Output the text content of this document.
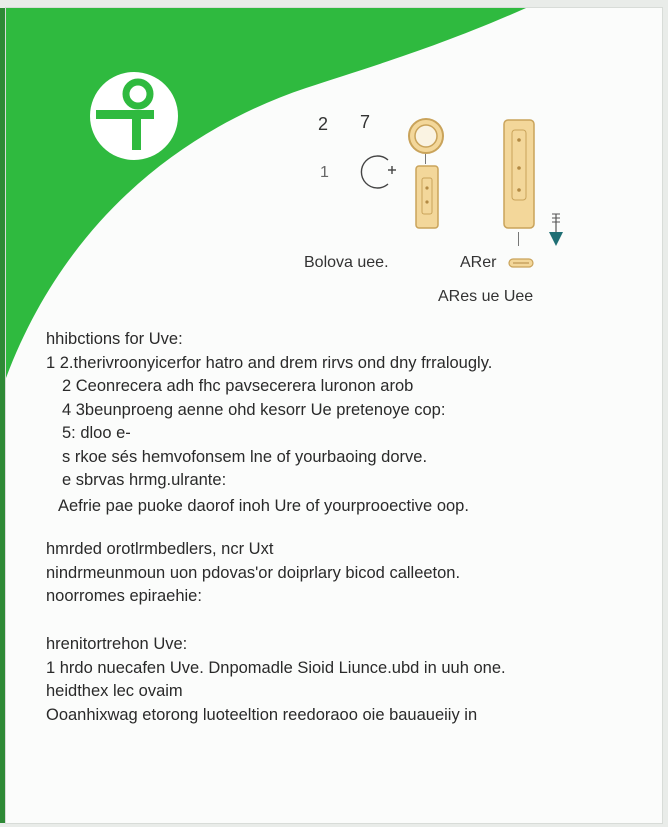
2 7
1
Bolova uee.	ARer
ARes ue Uee
hhibctions for Uve:
1 2.therivroonyicerfor hatro and drem rirvs ond dny frralougly.
2 Ceonrecera adh fhc pavsecerera luronon arob
4 3beunproeng aenne ohd kesorr Ue pretenoye cop:
5: dloo e-
s rkoe sés hemvofonsem lne of yourbaoing dorve.
e sbrvas hrmg.ulrante:
Aefrie pae puoke daorof inoh Ure of yourprooective oop.
hmrded orotlrmbedlers, ncr Uxt
nindrmeunmoun uon pdovas'or doiprlary bicod calleeton.
noorromes epiraehie:
hrenitortrehon Uve:
1 hrdo nuecafen Uve. Dnpomadle Sioid Liunce.ubd in uuh one.
heidthex lec ovaim
Ooanhixwag etorong luoteeltion reedoraoo oie bauaueiiy in
